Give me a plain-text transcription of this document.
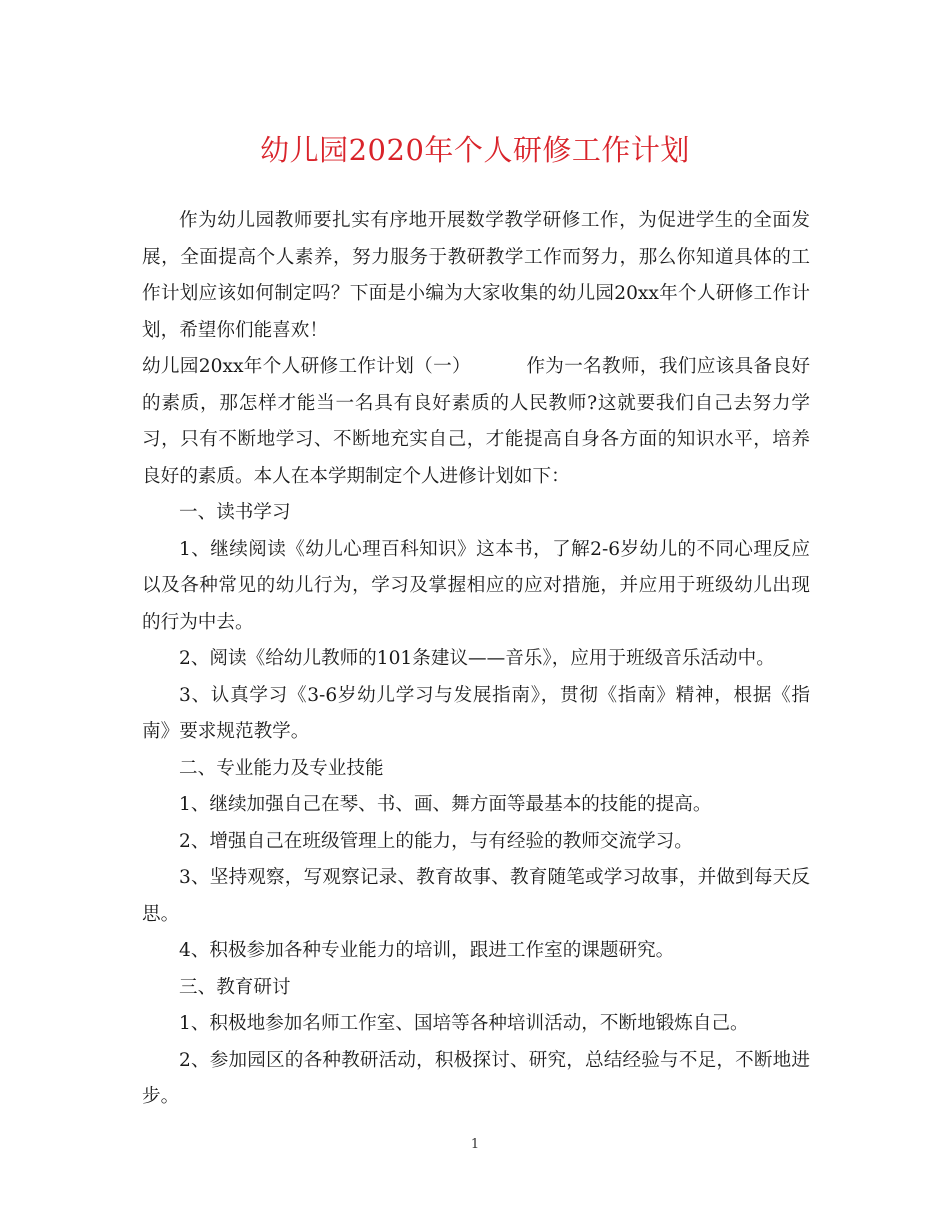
幼儿园2020年个人研修工作计划

作为幼儿园教师要扎实有序地开展数学教学研修工作，为促进学生的全面发展，全面提高个人素养，努力服务于教研教学工作而努力，那么你知道具体的工作计划应该如何制定吗？下面是小编为大家收集的幼儿园20xx年个人研修工作计划，希望你们能喜欢！

幼儿园20xx年个人研修工作计划（一）	作为一名教师，我们应该具备良好的素质，那怎样才能当一名具有良好素质的人民教师?这就要我们自己去努力学习，只有不断地学习、不断地充实自己，才能提高自身各方面的知识水平，培养良好的素质。本人在本学期制定个人进修计划如下：

一、读书学习

1、继续阅读《幼儿心理百科知识》这本书，了解2-6岁幼儿的不同心理反应以及各种常见的幼儿行为，学习及掌握相应的应对措施，并应用于班级幼儿出现的行为中去。

2、阅读《给幼儿教师的101条建议——音乐》，应用于班级音乐活动中。

3、认真学习《3-6岁幼儿学习与发展指南》，贯彻《指南》精神，根据《指南》要求规范教学。

二、专业能力及专业技能

1、继续加强自己在琴、书、画、舞方面等最基本的技能的提高。

2、增强自己在班级管理上的能力，与有经验的教师交流学习。

3、坚持观察，写观察记录、教育故事、教育随笔或学习故事，并做到每天反思。

4、积极参加各种专业能力的培训，跟进工作室的课题研究。

三、教育研讨

1、积极地参加名师工作室、国培等各种培训活动，不断地锻炼自己。

2、参加园区的各种教研活动，积极探讨、研究，总结经验与不足，不断地进步。

1
